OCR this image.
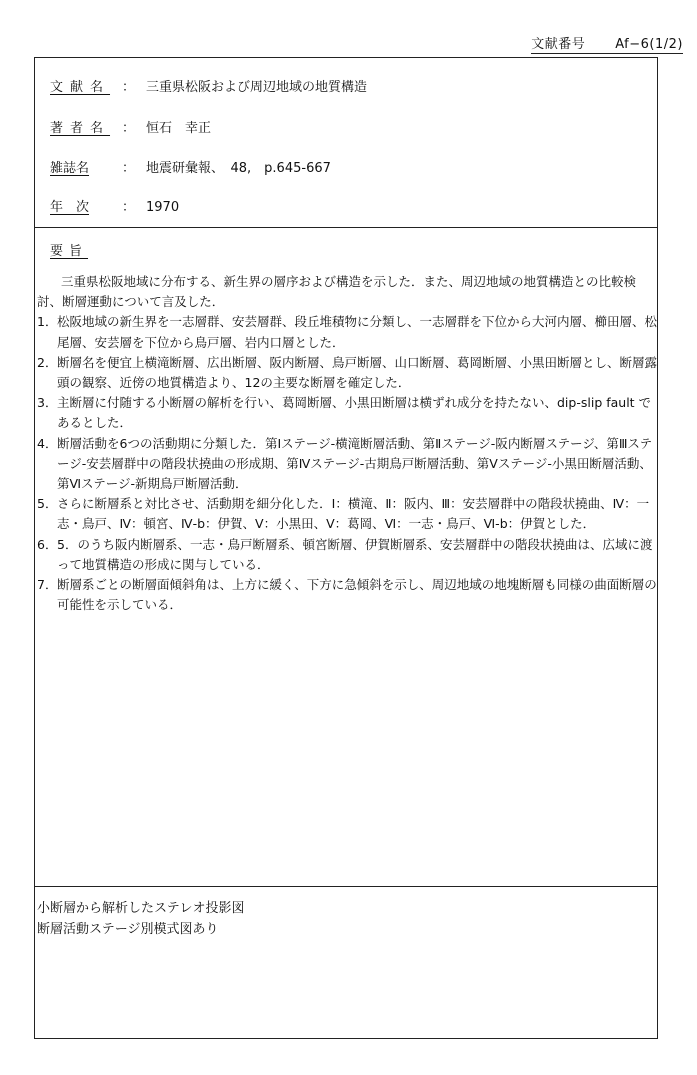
文献番号 Af−6(1/2)
文献名 ： 三重県松阪および周辺地域の地質構造
著者名 ： 恒石　幸正
雑誌名	： 地震研彙報、　48,　p.645-667
年　次	： 1970
要旨

三重県松阪地域に分布する、新生界の層序および構造を示した．また、周辺地域の地質構造との比較検討、断層運動について言及した．

1． 松阪地域の新生界を一志層群、安芸層群、段丘堆積物に分類し、一志層群を下位から大河内層、櫛田層、松尾層、安芸層を下位から鳥戸層、岩内口層とした．
2． 断層名を便宜上横滝断層、広出断層、阪内断層、鳥戸断層、山口断層、葛岡断層、小黒田断層とし、断層露頭の観察、近傍の地質構造より、12の主要な断層を確定した．
3． 主断層に付随する小断層の解析を行い、葛岡断層、小黒田断層は横ずれ成分を持たない、dip-slip fault であるとした．
4． 断層活動を6つの活動期に分類した．第Ⅰステージ-横滝断層活動、第Ⅱステージ-阪内断層ステージ、第Ⅲステージ-安芸層群中の階段状撓曲の形成期、第Ⅳステージ-古期鳥戸断層活動、第Ⅴステージ-小黒田断層活動、第Ⅵステージ-新期鳥戸断層活動．
5． さらに断層系と対比させ、活動期を細分化した．Ⅰ：横滝、Ⅱ：阪内、Ⅲ：安芸層群中の階段状撓曲、Ⅳ：一志・鳥戸、Ⅳ：頓宮、Ⅳ-b：伊賀、Ⅴ：小黒田、Ⅴ：葛岡、Ⅵ：一志・鳥戸、Ⅵ-b：伊賀とした．
6． 5．のうち阪内断層系、一志・鳥戸断層系、頓宮断層、伊賀断層系、安芸層群中の階段状撓曲は、広域に渡って地質構造の形成に関与している．
7． 断層系ごとの断層面傾斜角は、上方に緩く、下方に急傾斜を示し、周辺地域の地塊断層も同様の曲面断層の可能性を示している．
小断層から解析したステレオ投影図
断層活動ステージ別模式図あり
